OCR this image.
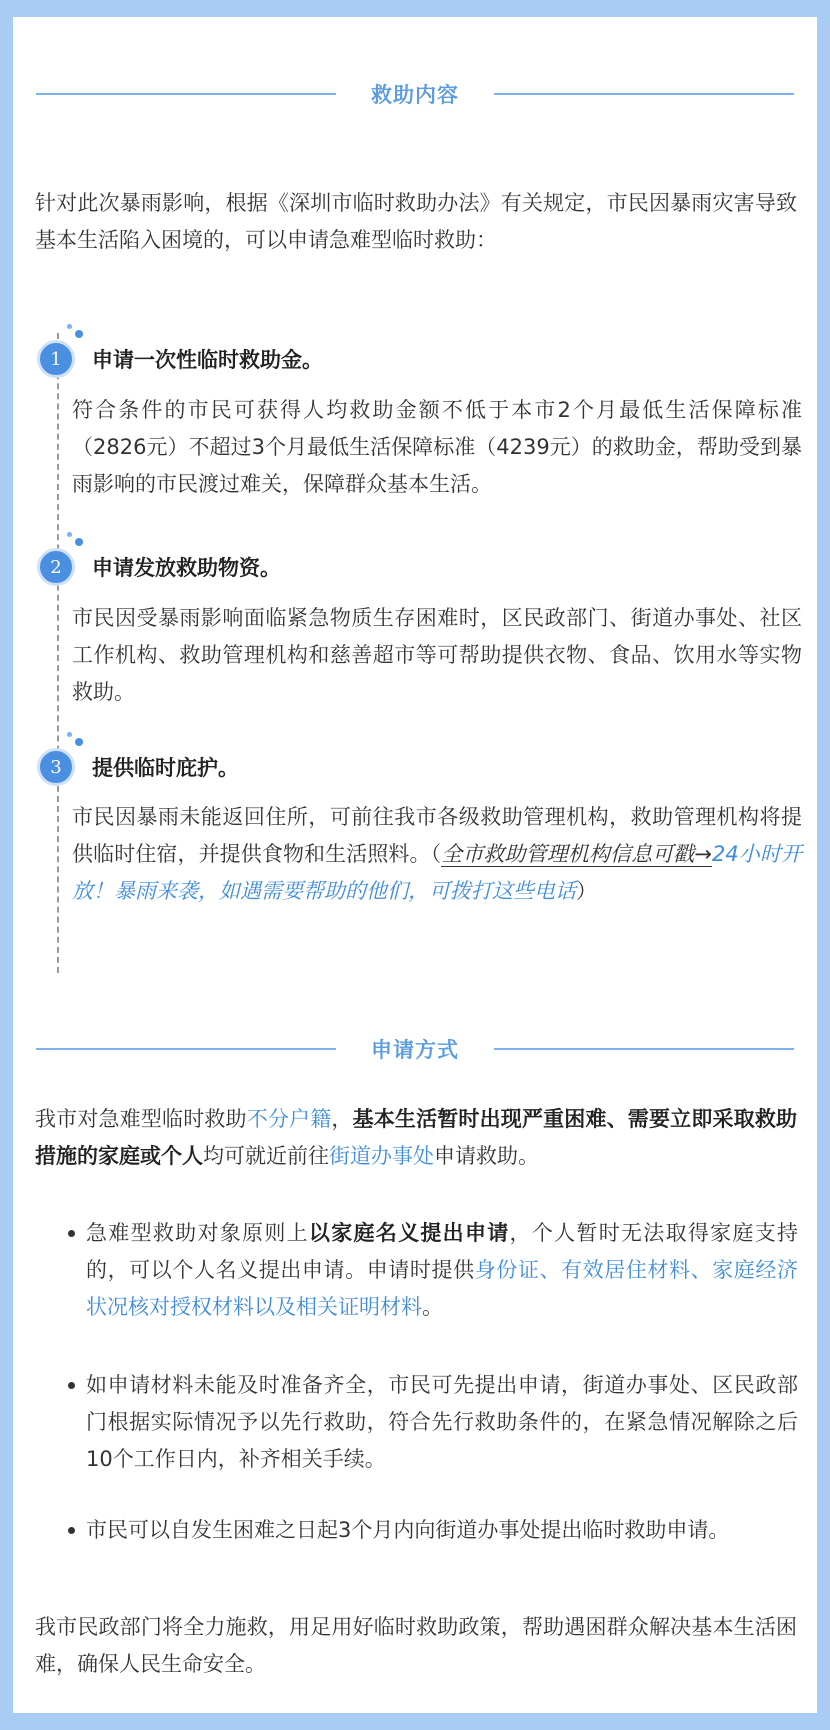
救助内容

针对此次暴雨影响，根据《深圳市临时救助办法》有关规定，市民因暴雨灾害导致基本生活陷入困境的，可以申请急难型临时救助：

1 申请一次性临时救助金。

符合条件的市民可获得人均救助金额不低于本市2个月最低生活保障标准（2826元）不超过3个月最低生活保障标准（4239元）的救助金，帮助受到暴雨影响的市民渡过难关，保障群众基本生活。

2 申请发放救助物资。

市民因受暴雨影响面临紧急物质生存困难时，区民政部门、街道办事处、社区工作机构、救助管理机构和慈善超市等可帮助提供衣物、食品、饮用水等实物救助。

3 提供临时庇护。

市民因暴雨未能返回住所，可前往我市各级救助管理机构，救助管理机构将提供临时住宿，并提供食物和生活照料。（全市救助管理机构信息可戳→24小时开放！暴雨来袭，如遇需要帮助的他们，可拨打这些电话）

申请方式

我市对急难型临时救助不分户籍，基本生活暂时出现严重困难、需要立即采取救助措施的家庭或个人均可就近前往街道办事处申请救助。

急难型救助对象原则上以家庭名义提出申请，个人暂时无法取得家庭支持的，可以个人名义提出申请。申请时提供身份证、有效居住材料、家庭经济状况核对授权材料以及相关证明材料。
如申请材料未能及时准备齐全，市民可先提出申请，街道办事处、区民政部门根据实际情况予以先行救助，符合先行救助条件的，在紧急情况解除之后10个工作日内，补齐相关手续。
市民可以自发生困难之日起3个月内向街道办事处提出临时救助申请。

我市民政部门将全力施救，用足用好临时救助政策，帮助遇困群众解决基本生活困难，确保人民生命安全。
